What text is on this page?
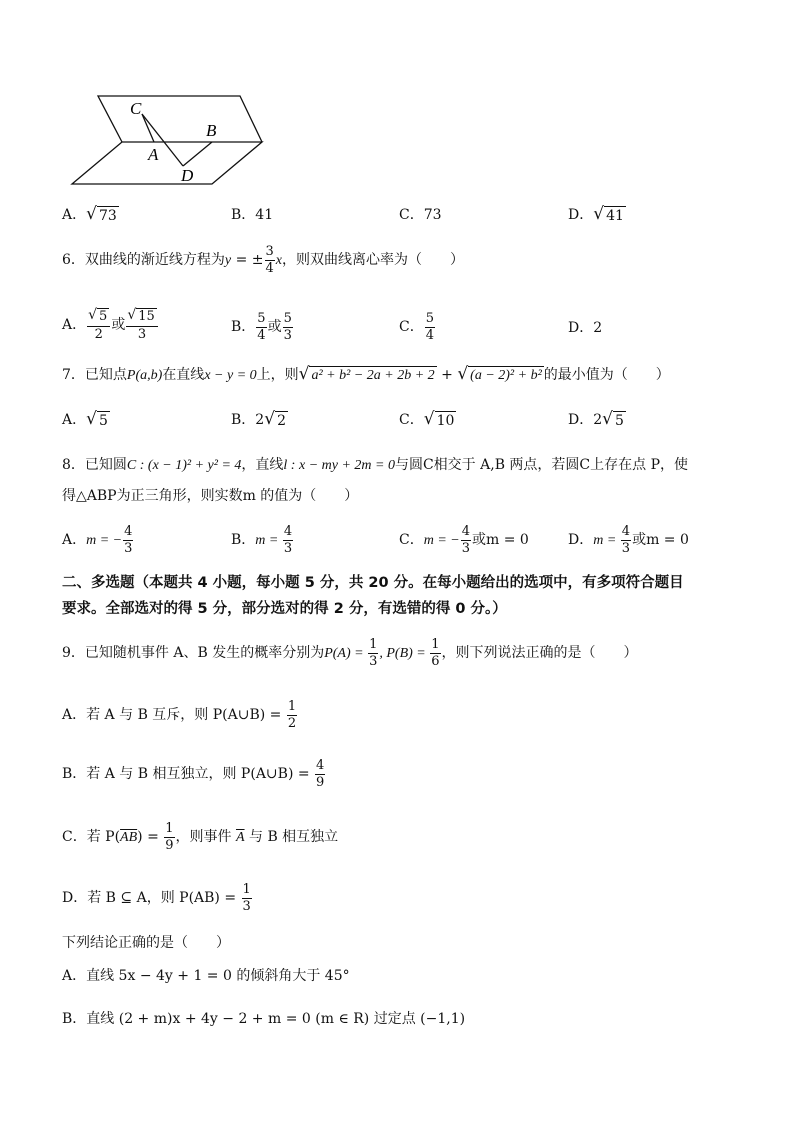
C
B
A
D
A． √ 73	B．41	C．73	D． √ 41
6．双曲线的渐近线方程为y = ± $\frac{3}{4}$ x，则双曲线离心率为（　　）
A． $\frac{√ 5}{2}$ 或 $\frac{√ 15}{3}$	B． $\frac{5}{4}$ 或 $\frac{5}{3}$	C． $\frac{5}{4}$	D．2
7．已知点P(a,b)在直线x − y = 0上，则 √ a² + b² − 2a + 2b + 2 + √ (a − 2)² + b² 的最小值为（　　）
A． √ 5	B．2 √ 2	C． √ 10	D．2 √ 5
8．已知圆C : (x − 1)² + y² = 4，直线l : x − my + 2m = 0与圆C相交于 A,B 两点，若圆C上存在点 P，使
得△ABP为正三角形，则实数m 的值为（　　）
A．m = − $\frac{4}{3}$	B．$m = \frac{4}{3}$	C．m = − $\frac{4}{3}$ 或m = 0	D．$m = \frac{4}{3}$ 或m = 0
二、多选题（本题共 4 小题，每小题 5 分，共 20 分。在每小题给出的选项中，有多项符合题目
要求。全部选对的得 5 分，部分选对的得 2 分，有选错的得 0 分。）
9．已知随机事件 A、B 发生的概率分别为$P(A) = \frac{1}{3}$ , $P(B) = \frac{1}{6}$ ，则下列说法正确的是（　　）
A．若 A 与 B 互斥，则 P(A∪B) = $\frac{1}{2}$
B．若 A 与 B 相互独立，则 P(A∪B) = $\frac{4}{9}$
C．若 $P(\overline{AB}) = \frac{1}{9}$ ，则事件 $\overline{A}$ 与 B 相互独立
D．若 B ⊆ A，则 $P(AB) = \frac{1}{3}$
下列结论正确的是（　　）
A．直线 5x − 4y + 1 = 0 的倾斜角大于 45°
B．直线 (2 + m)x + 4y − 2 + m = 0 (m ∈ R) 过定点 (−1,1)
